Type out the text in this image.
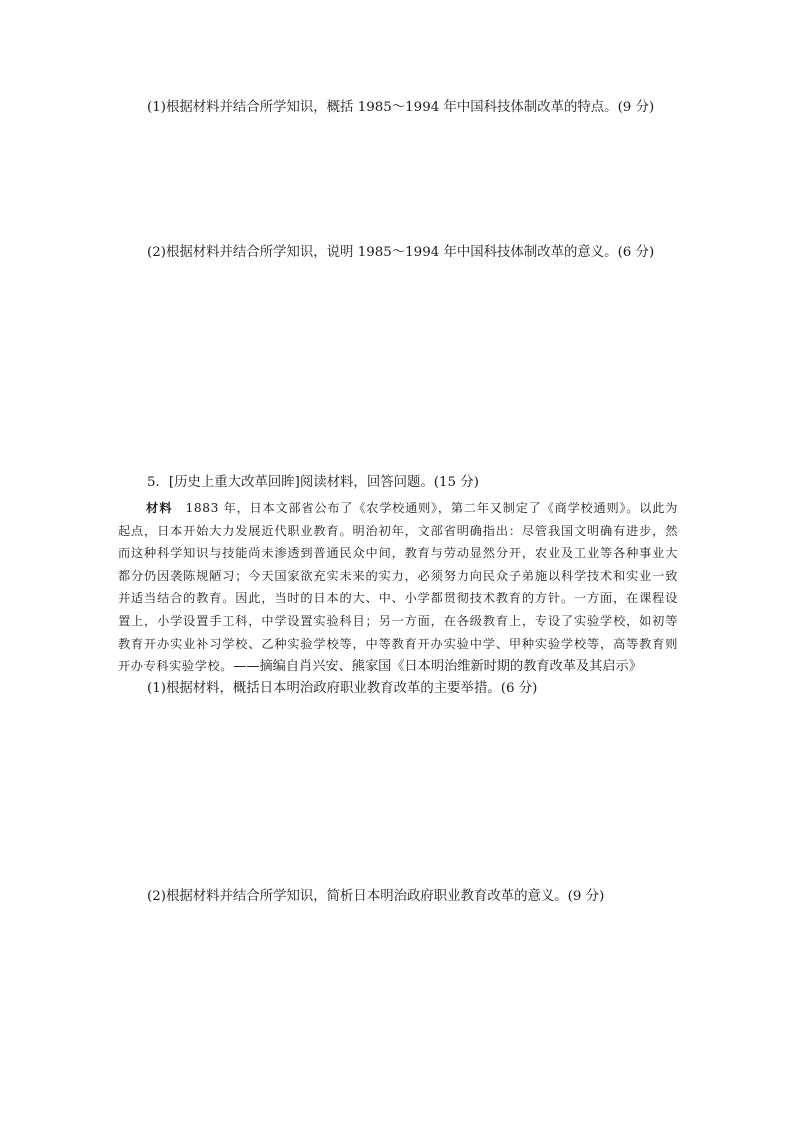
(1)根据材料并结合所学知识，概括 1985～1994 年中国科技体制改革的特点。(9 分)
(2)根据材料并结合所学知识，说明 1985～1994 年中国科技体制改革的意义。(6 分)
5．[历史上重大改革回眸]阅读材料，回答问题。(15 分)
材料  1883 年，日本文部省公布了《农学校通则》，第二年又制定了《商学校通则》。以此为起点，日本开始大力发展近代职业教育。明治初年，文部省明确指出：尽管我国文明确有进步，然而这种科学知识与技能尚未渗透到普通民众中间，教育与劳动显然分开，农业及工业等各种事业大都分仍因袭陈规陋习；今天国家欲充实未来的实力，必须努力向民众子弟施以科学技术和实业一致并适当结合的教育。因此，当时的日本的大、中、小学都贯彻技术教育的方针。一方面，在课程设置上，小学设置手工科，中学设置实验科目；另一方面，在各级教育上，专设了实验学校，如初等教育开办实业补习学校、乙种实验学校等，中等教育开办实验中学、甲种实验学校等，高等教育则开办专科实验学校。——摘编自肖兴安、熊家国《日本明治维新时期的教育改革及其启示》
(1)根据材料，概括日本明治政府职业教育改革的主要举措。(6 分)
(2)根据材料并结合所学知识，简析日本明治政府职业教育改革的意义。(9 分)
